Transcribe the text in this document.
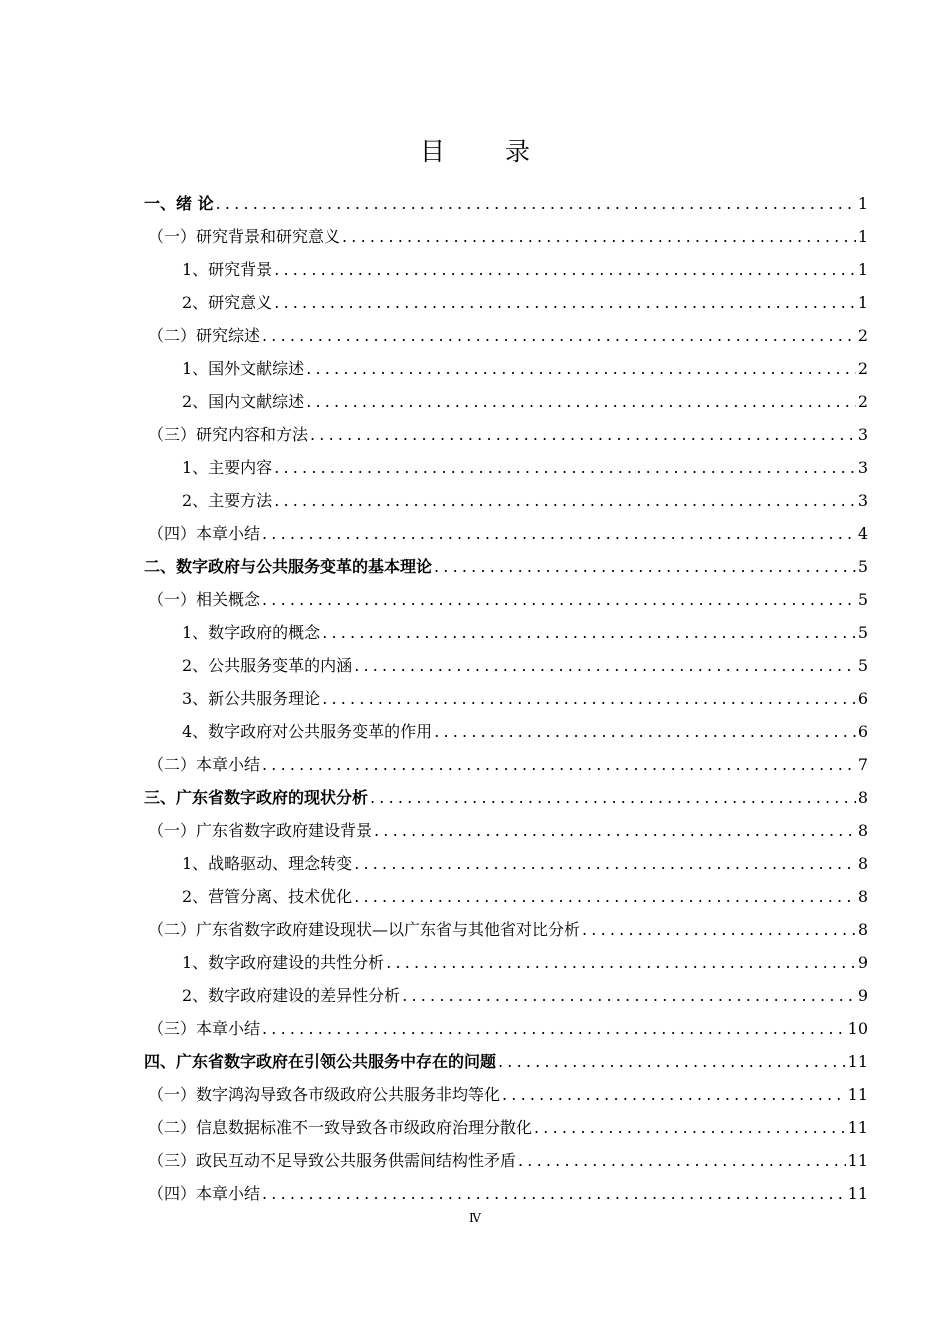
目 录
一、绪 论 .....	1
（一）研究背景和研究意义 .....	1
1、研究背景 .....	1
2、研究意义 .....	1
（二）研究综述 .....	2
1、国外文献综述 .....	2
2、国内文献综述 .....	2
（三）研究内容和方法 .....	3
1、主要内容 .....	3
2、主要方法 .....	3
（四）本章小结 .....	4
二、数字政府与公共服务变革的基本理论 .....	5
（一）相关概念 .....	5
1、数字政府的概念 .....	5
2、公共服务变革的内涵 .....	5
3、新公共服务理论 .....	6
4、数字政府对公共服务变革的作用 .....	6
（二）本章小结 .....	7
三、广东省数字政府的现状分析 .....	8
（一）广东省数字政府建设背景 .....	8
1、战略驱动、理念转变 .....	8
2、营管分离、技术优化 .....	8
（二）广东省数字政府建设现状—以广东省与其他省对比分析 .....	8
1、数字政府建设的共性分析 .....	9
2、数字政府建设的差异性分析 .....	9
（三）本章小结 .....	10
四、广东省数字政府在引领公共服务中存在的问题 .....	11
（一）数字鸿沟导致各市级政府公共服务非均等化 .....	11
（二）信息数据标准不一致导致各市级政府治理分散化 .....	11
（三）政民互动不足导致公共服务供需间结构性矛盾 .....	11
（四）本章小结 .....	11
Ⅳ
